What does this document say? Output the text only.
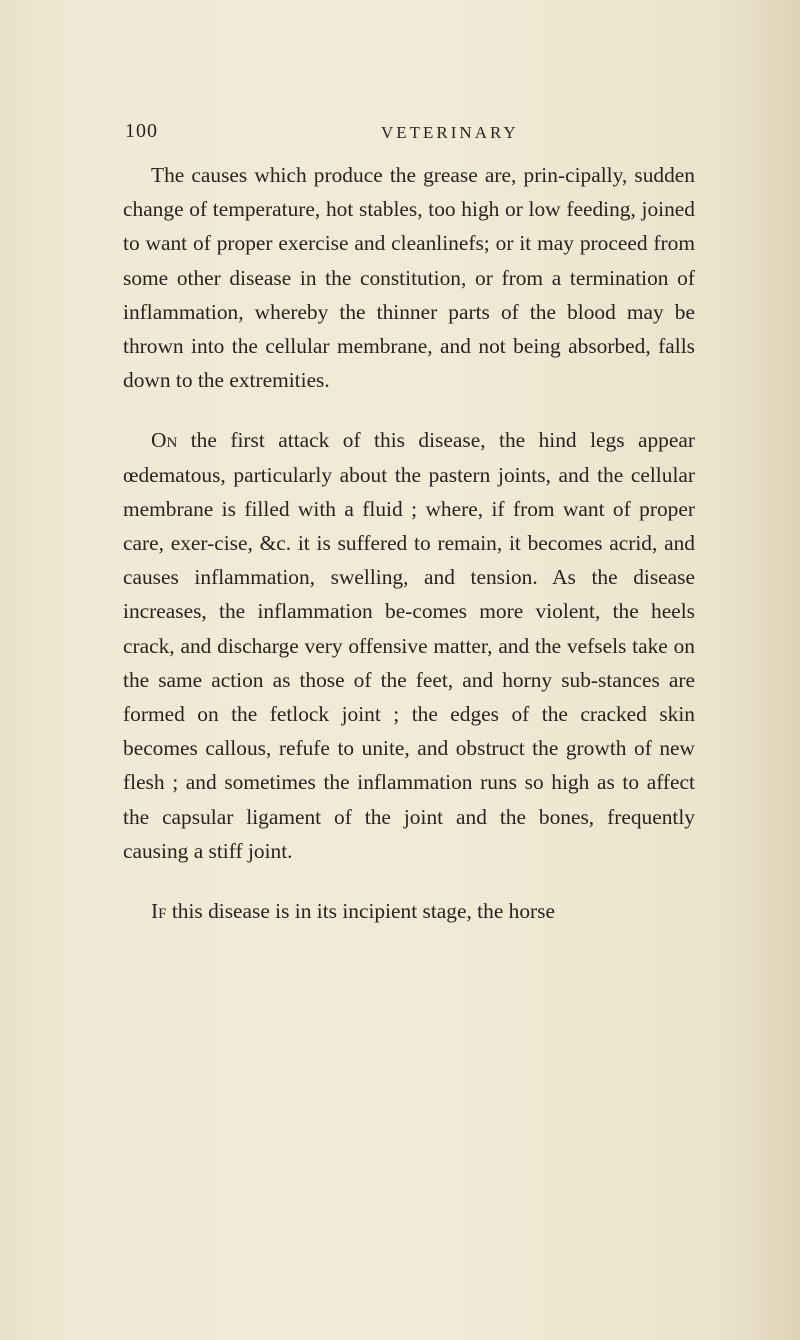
100	VETERINARY

The causes which produce the grease are, prin-cipally, sudden change of temperature, hot stables, too high or low feeding, joined to want of proper exercise and cleanlinefs; or it may proceed from some other disease in the constitution, or from a termination of inflammation, whereby the thinner parts of the blood may be thrown into the cellular membrane, and not being absorbed, falls down to the extremities.

On the first attack of this disease, the hind legs appear œdematous, particularly about the pastern joints, and the cellular membrane is filled with a fluid ; where, if from want of proper care, exer-cise, &c. it is suffered to remain, it becomes acrid, and causes inflammation, swelling, and tension. As the disease increases, the inflammation be-comes more violent, the heels crack, and discharge very offensive matter, and the vefsels take on the same action as those of the feet, and horny sub-stances are formed on the fetlock joint ; the edges of the cracked skin becomes callous, refufe to unite, and obstruct the growth of new flesh ; and sometimes the inflammation runs so high as to affect the capsular ligament of the joint and the bones, frequently causing a stiff joint.

If this disease is in its incipient stage, the horse
